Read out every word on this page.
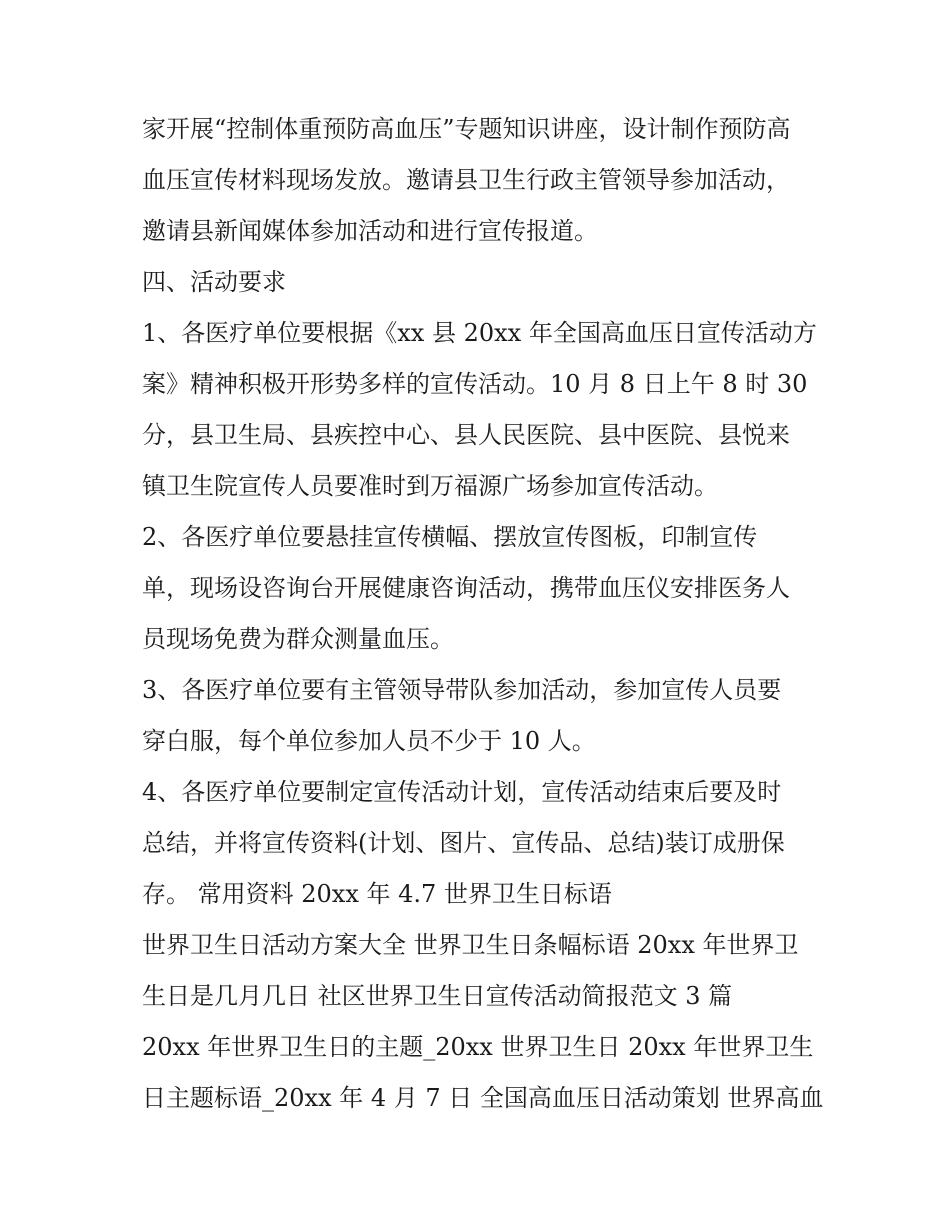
家开展“控制体重预防高血压”专题知识讲座，设计制作预防高
血压宣传材料现场发放。邀请县卫生行政主管领导参加活动，
邀请县新闻媒体参加活动和进行宣传报道。
四、活动要求
1、各医疗单位要根据《xx 县 20xx 年全国高血压日宣传活动方
案》精神积极开形势多样的宣传活动。10 月 8 日上午 8 时 30
分，县卫生局、县疾控中心、县人民医院、县中医院、县悦来
镇卫生院宣传人员要准时到万福源广场参加宣传活动。
2、各医疗单位要悬挂宣传横幅、摆放宣传图板，印制宣传
单，现场设咨询台开展健康咨询活动，携带血压仪安排医务人
员现场免费为群众测量血压。
3、各医疗单位要有主管领导带队参加活动，参加宣传人员要
穿白服，每个单位参加人员不少于 10 人。
4、各医疗单位要制定宣传活动计划，宣传活动结束后要及时
总结，并将宣传资料(计划、图片、宣传品、总结)装订成册保
存。 常用资料 20xx 年 4.7 世界卫生日标语
世界卫生日活动方案大全 世界卫生日条幅标语 20xx 年世界卫
生日是几月几日 社区世界卫生日宣传活动简报范文 3 篇
20xx 年世界卫生日的主题_20xx 世界卫生日 20xx 年世界卫生
日主题标语_20xx 年 4 月 7 日 全国高血压日活动策划 世界高血
